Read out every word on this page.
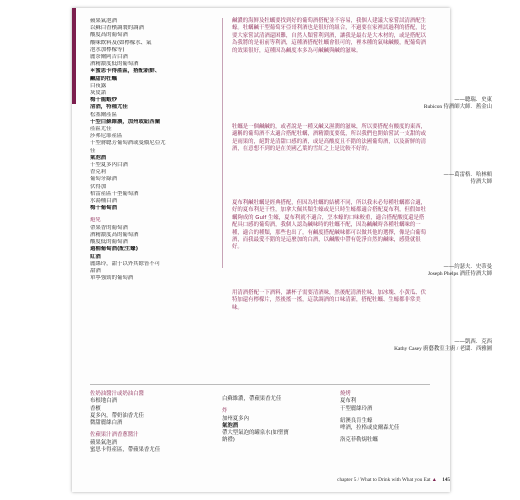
蘋果氣泡酒
以蘇白香檳調製的調酒
酸度高的葡萄酒
酸味飲料及(如檸檬水、氣
泡水加檸檬等)
麗奈爾阿吉白酒
酒精濃度低的葡萄酒
＊蜜思卡得產區，搭配新鮮、
鹹甜的牡蠣
白夜露
灰皮諾
梅干龍蝦炒
清酒，特種尤佳
松塞爾產區
干型白蘇維濃，加州或紐西蘭
產區尤佳
莎弗尼耶產區
干型蔣聰芳葡萄酒或曼儂尼亞尤
佳
氣泡酒
干型夏多內白酒
香克莉
葡萄牙綠酒
伏得加
梧雷產區干型葡萄酒
水湯桶白酒
梅干葡萄酒
避免
帶果香的葡萄酒
酒精濃度高的葡萄酒
酸度低的葡萄酒
過桶葡萄酒(配生蠔)
紅酒
麗絲玲，甜于以外其餘皆不可
甜酒
單寧強勁的葡萄酒
鹹濃的海鮮及牡蠣要找到好的葡萄酒搭配並不容易，我個人建議大家嘗試清酒配生蠔。牡蠣鹹干型葡萄牙亞哥利酒也是很好的組合，不過要在家裡試過利的搭配，比要大家嘗試清酒還困難，自然人類嘗利到酒，讓我是最右是大木材的，或是搭配以為我將的是祖前等利酒，這種酒搭配牡蠣會很可的，裡本種的氣味鹹酸，配葡萄酒的效果很好，這種因為鹹度本多為可鹹鹹與鹹的滋味。
——聰瑞．史東
Rubicon 侍酒師大師．舊金山
牡蠣是一個鹹鹹的，或者說是一種又鹹又濕潤的滋味，所以要搭配有酸度的東西，適稱的葡萄酒不太適合搭配牡蠣，酒精濃度要低，所以我們也開始嘗試一支甜的或是雨果的，絕對是清甜口感的酒，或是高酸度且不錯的法國葡萄酒，以及新鮮的清酒，在意想不到的是在美國乙葉的雪紅之上是比較不好的。
——葛雷格．哈林頓
侍酒大師
夏布利鹹牡蠣是經典搭配，但因為牡蠣的結構不同，所以我未必每種牡蠣都合適，好的夏布利是干性，加拿大佩其類生蠔或是只時生蠔都適合搭配夏布利，但假如牡蠣夠成的 Gulf 生蠔，夏布利就不適合，烹本蠔的口味較重，適合搭配酸度還是搭配具口感的葡萄酒，我個人認為鹹味時的牡蠣不配，因為鹹鹹時各種牡蠣味的一種，適合的種類，那些也出了，有鹹度搭配鹹味都可以做其他的選擇，像是白葡萄酒，而我最愛不錯的是這麼加的白酒，以鹹酸中帶有乾淨自然的鹹味，感覺就很好。
——約瑟夫．史蒂曼
Joseph Phelps 酒莊侍酒大師
用清酒搭配一下酒料，讓杯子需要清酒味，然後配清酒佐味，加冰塊、小黃瓜、伏特加還有檸檬片，然後搖一搖，這款調酒的口味清新，搭配牡蠣、生蠔都非常美味。
——凱西．克西
Kathy Casey 廚藝教室主廚 / 老闆．西雅圖
佐奶油醬汁或奶油白醬
布根地白酒
香檳
夏多內，帶奶油香尤佳
微甜麗絲白酒
佐蘋果汁酒香蔥醬汁
蘋果氣泡酒
蜜思卡得產區，帶蘋果香尤佳
白蘇維濃，帶蘋果香尤佳
炸
加州夏多內
氣泡酒
帶大型氣泡的罐泉水(如聖寶
納禮)
燒烤
夏布利
干型麗絲玲酒
紐澳良肯生蠔
啤酒，拉格或皮爾森尤佳
洛克菲勒焗牡蠣
chapter 5 / What to Drink with What you Eat ▲ 145
